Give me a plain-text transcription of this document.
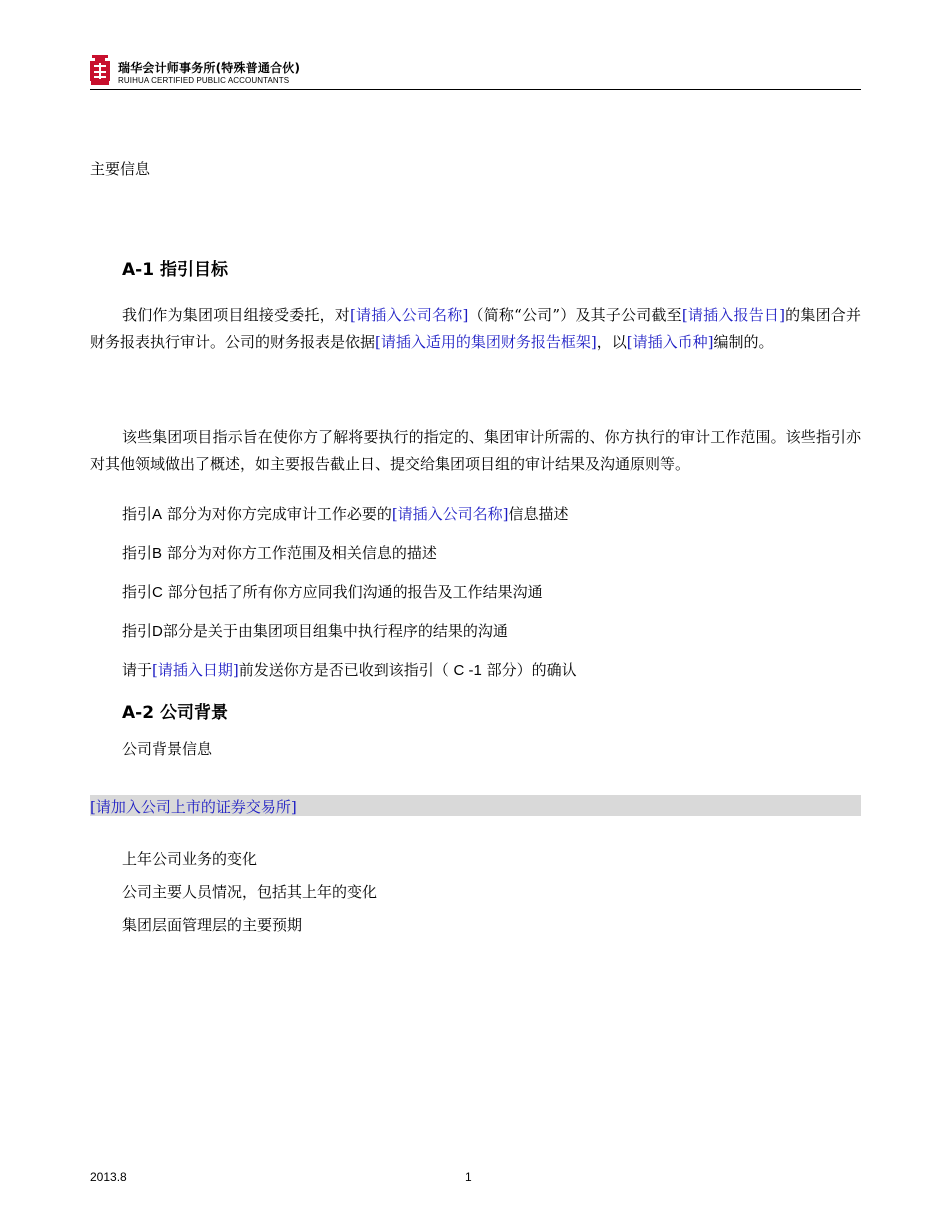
瑞华会计师事务所(特殊普通合伙)
RUIHUA CERTIFIED PUBLIC ACCOUNTANTS
主要信息
A-1 指引目标
我们作为集团项目组接受委托，对[请插入公司名称]（简称“公司”）及其子公司截至[请插入报告日]的集团合并财务报表执行审计。公司的财务报表是依据[请插入适用的集团财务报告框架]，以[请插入币种]编制的。
该些集团项目指示旨在使你方了解将要执行的指定的、集团审计所需的、你方执行的审计工作范围。该些指引亦对其他领域做出了概述，如主要报告截止日、提交给集团项目组的审计结果及沟通原则等。
指引A 部分为对你方完成审计工作必要的[请插入公司名称]信息描述
指引B 部分为对你方工作范围及相关信息的描述
指引C 部分包括了所有你方应同我们沟通的报告及工作结果沟通
指引D部分是关于由集团项目组集中执行程序的结果的沟通
请于[请插入日期]前发送你方是否已收到该指引（ C -1 部分）的确认
A-2 公司背景
公司背景信息
[请加入公司上市的证券交易所]
上年公司业务的变化
公司主要人员情况，包括其上年的变化
集团层面管理层的主要预期
2013.8	1
